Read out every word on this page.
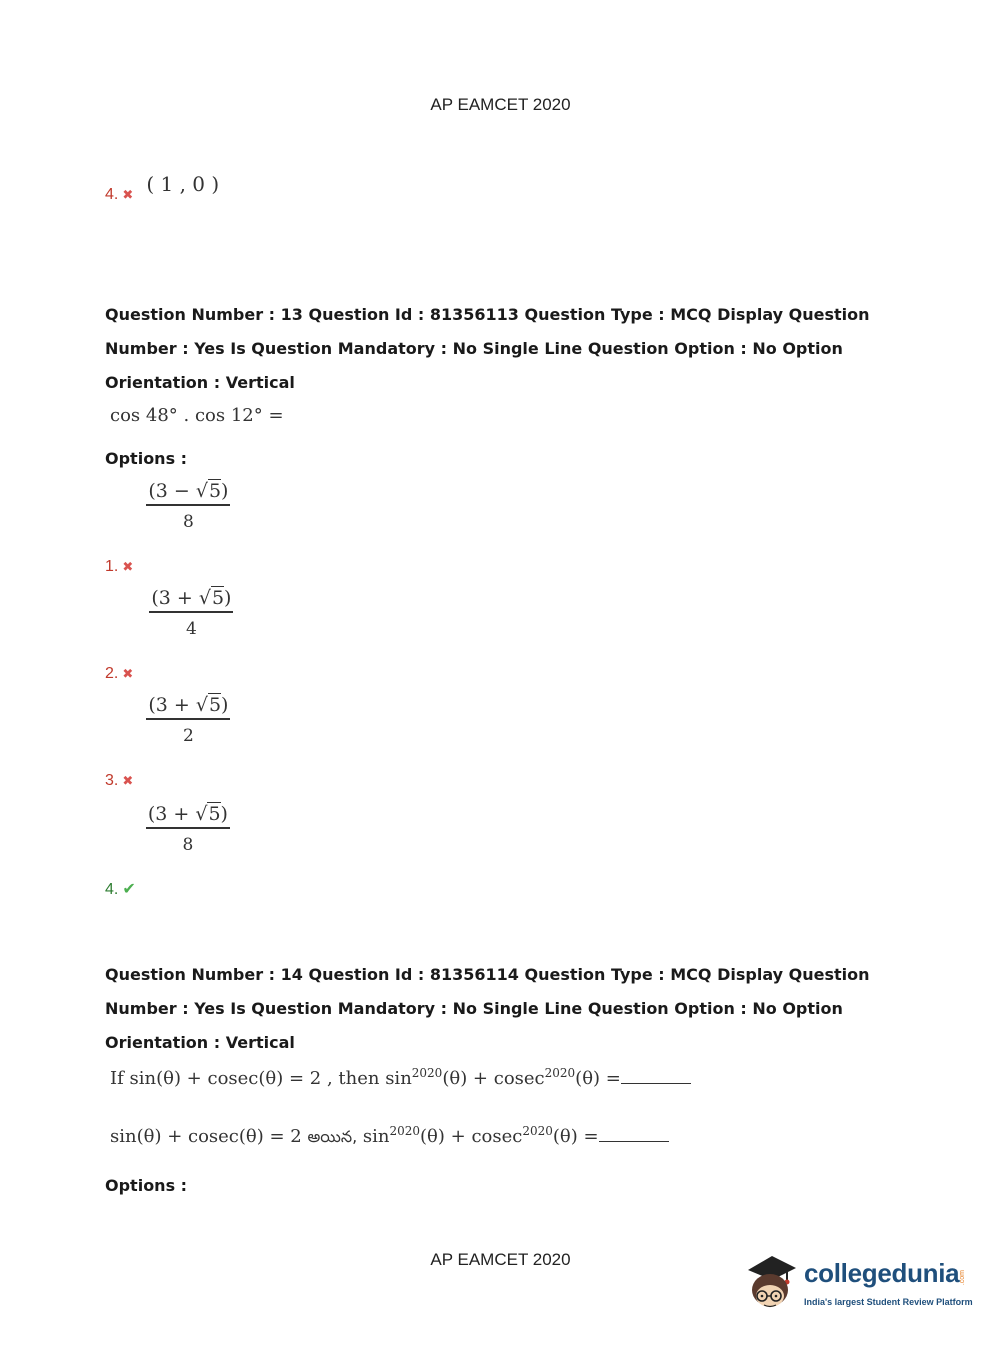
AP EAMCET 2020
4. ✖ ( 1 , 0 )
Question Number : 13 Question Id : 81356113 Question Type : MCQ Display Question Number : Yes Is Question Mandatory : No Single Line Question Option : No Option Orientation : Vertical
cos 48° . cos 12° =
Options :
1. $_✖$
$\frac{(3 - √5)}{8}$
2. $_✖$
$\frac{(3 + √5)}{4}$
3. $_✖$
$\frac{(3 + √5)}{2}$
4. ✔
$\frac{(3 + √5)}{8}$
Question Number : 14 Question Id : 81356114 Question Type : MCQ Display Question Number : Yes Is Question Mandatory : No Single Line Question Option : No Option Orientation : Vertical
If sin(θ) + cosec(θ) = 2 , then $\sin^{2020}(\theta) + cosec^{2020}(\theta)$ =
sin(θ) + cosec(θ) = 2 అయిన, $\sin^{2020}(\theta) + cosec^{2020}(\theta)$ =
Options :
AP EAMCET 2020	collegedunia .com
India's largest Student Review Platform
